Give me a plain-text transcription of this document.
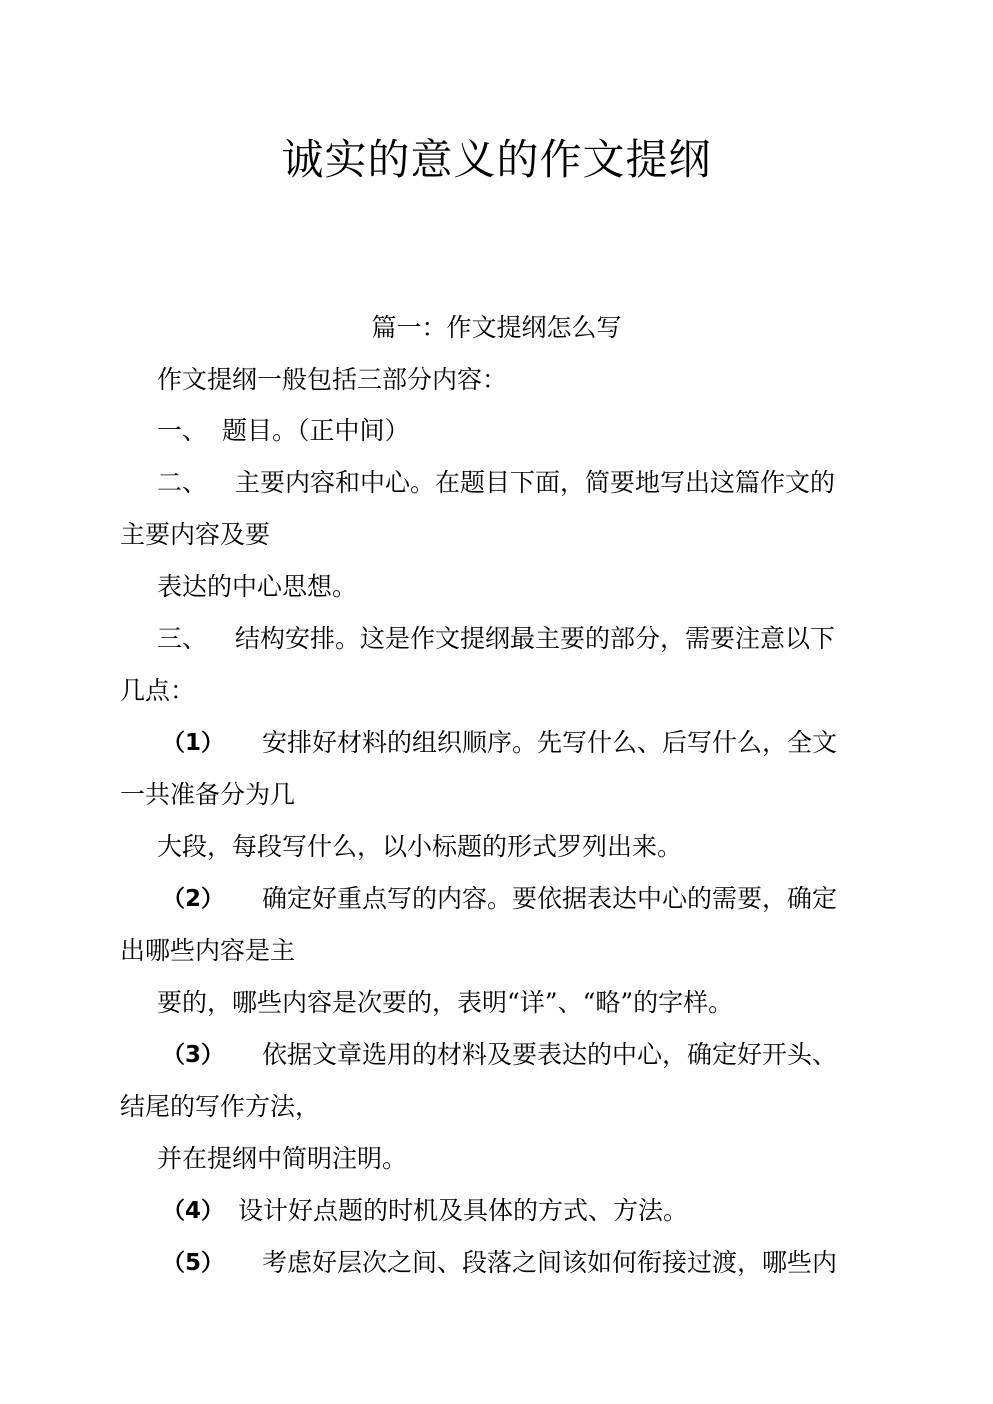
诚实的意义的作文提纲
篇一：作文提纲怎么写
作文提纲一般包括三部分内容：
一、 题目。（正中间）
二、 主要内容和中心。在题目下面，简要地写出这篇作文的
主要内容及要
表达的中心思想。
三、 结构安排。这是作文提纲最主要的部分，需要注意以下
几点：
（1） 安排好材料的组织顺序。先写什么、后写什么，全文
一共准备分为几
大段，每段写什么，以小标题的形式罗列出来。
（2） 确定好重点写的内容。要依据表达中心的需要，确定
出哪些内容是主
要的，哪些内容是次要的，表明“详”、“略”的字样。
（3） 依据文章选用的材料及要表达的中心，确定好开头、
结尾的写作方法，
并在提纲中简明注明。
（4） 设计好点题的时机及具体的方式、方法。
（5） 考虑好层次之间、段落之间该如何衔接过渡，哪些内
